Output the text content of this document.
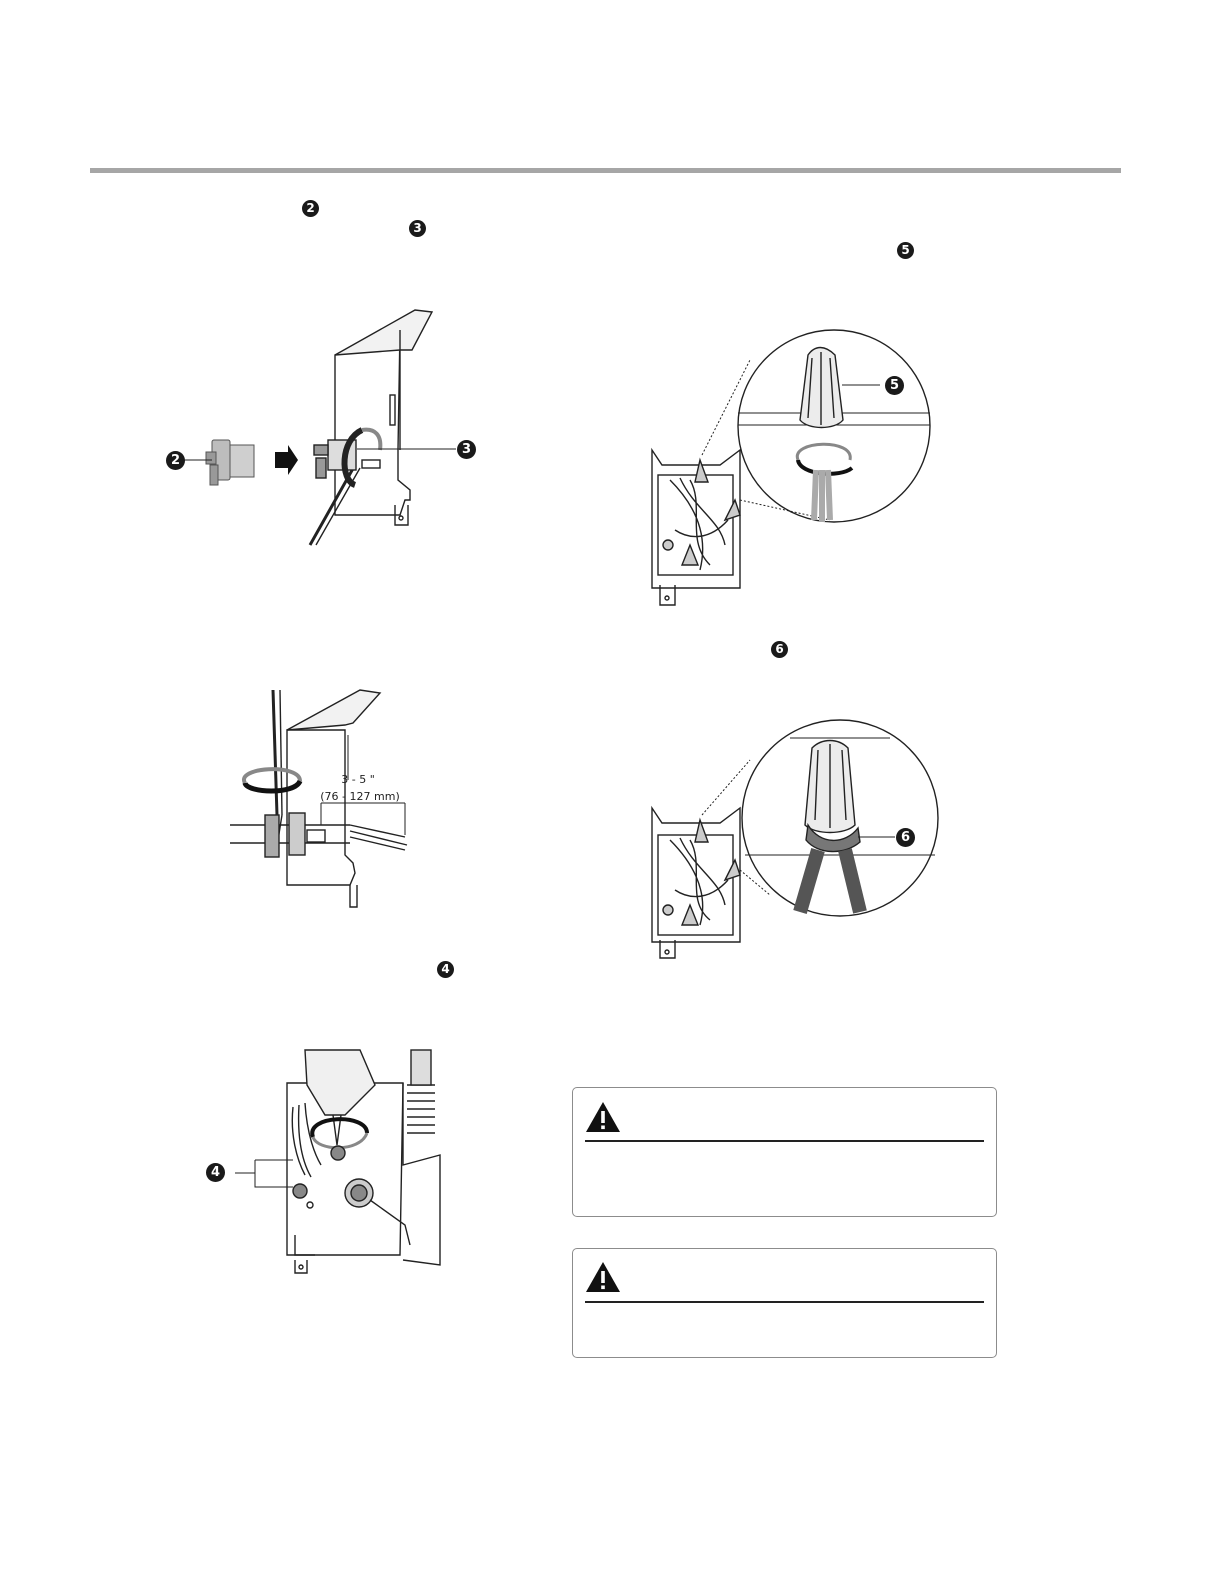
2
3
5
6
4
2
3
3 - 5 "
(76 - 127 mm)
4
5
6
